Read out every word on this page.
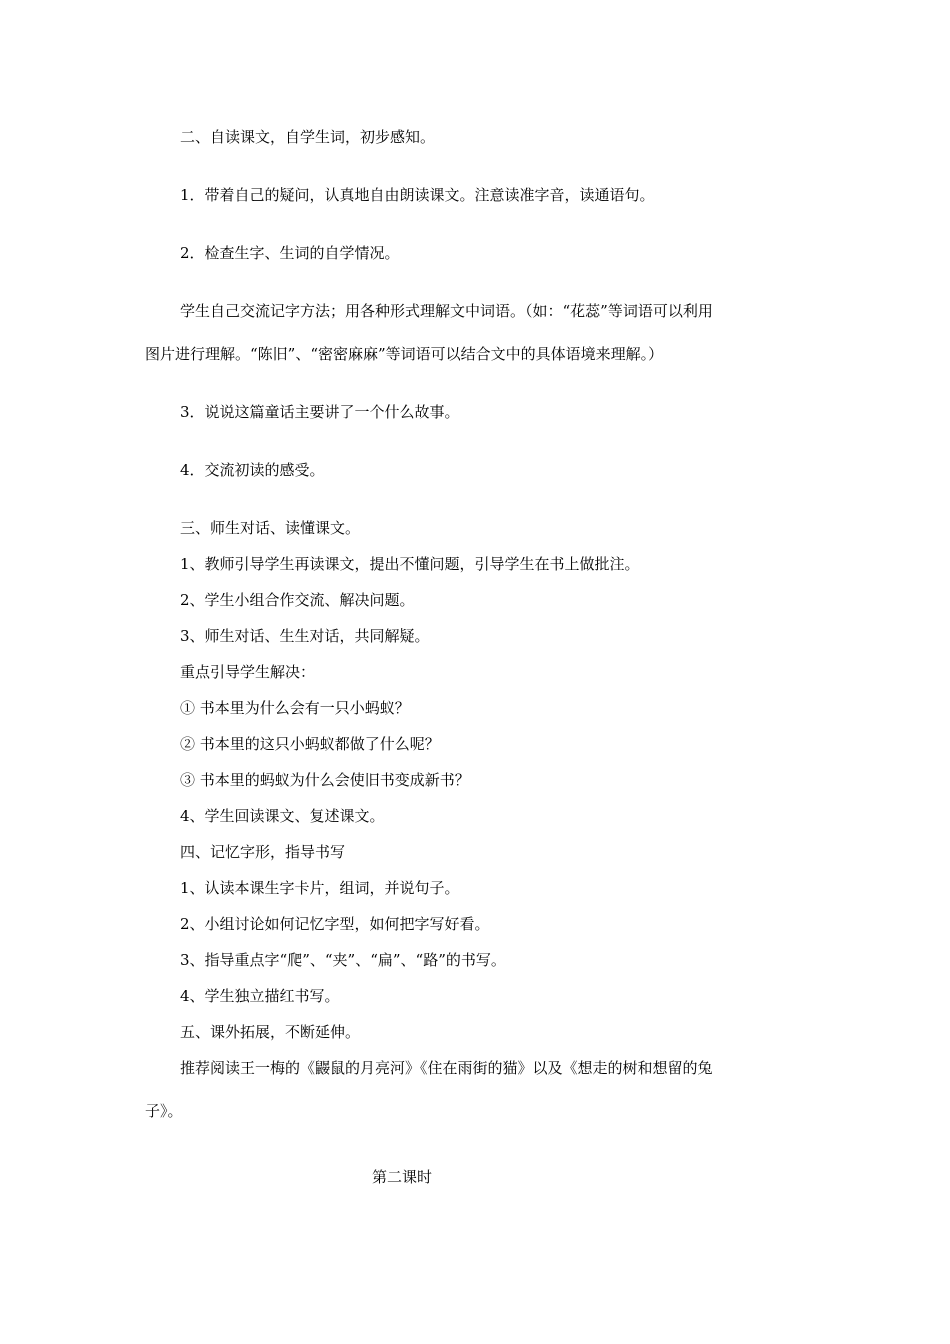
二、自读课文，自学生词，初步感知。
1．带着自己的疑问，认真地自由朗读课文。注意读准字音，读通语句。
2．检查生字、生词的自学情况。
学生自己交流记字方法；用各种形式理解文中词语。（如：“花蕊”等词语可以利用
图片进行理解。“陈旧”、“密密麻麻”等词语可以结合文中的具体语境来理解。）
3．说说这篇童话主要讲了一个什么故事。
4．交流初读的感受。
三、师生对话、读懂课文。
1、教师引导学生再读课文，提出不懂问题，引导学生在书上做批注。
2、学生小组合作交流、解决问题。
3、师生对话、生生对话，共同解疑。
重点引导学生解决：
① 书本里为什么会有一只小蚂蚁？
② 书本里的这只小蚂蚁都做了什么呢？
③ 书本里的蚂蚁为什么会使旧书变成新书？
4、学生回读课文、复述课文。
四、记忆字形，指导书写
1、认读本课生字卡片，组词，并说句子。
2、小组讨论如何记忆字型，如何把字写好看。
3、指导重点字“爬”、“夹”、“扁”、“路”的书写。
4、学生独立描红书写。
五、课外拓展，不断延伸。
推荐阅读王一梅的《鼹鼠的月亮河》《住在雨街的猫》以及《想走的树和想留的兔
子》。
第二课时
